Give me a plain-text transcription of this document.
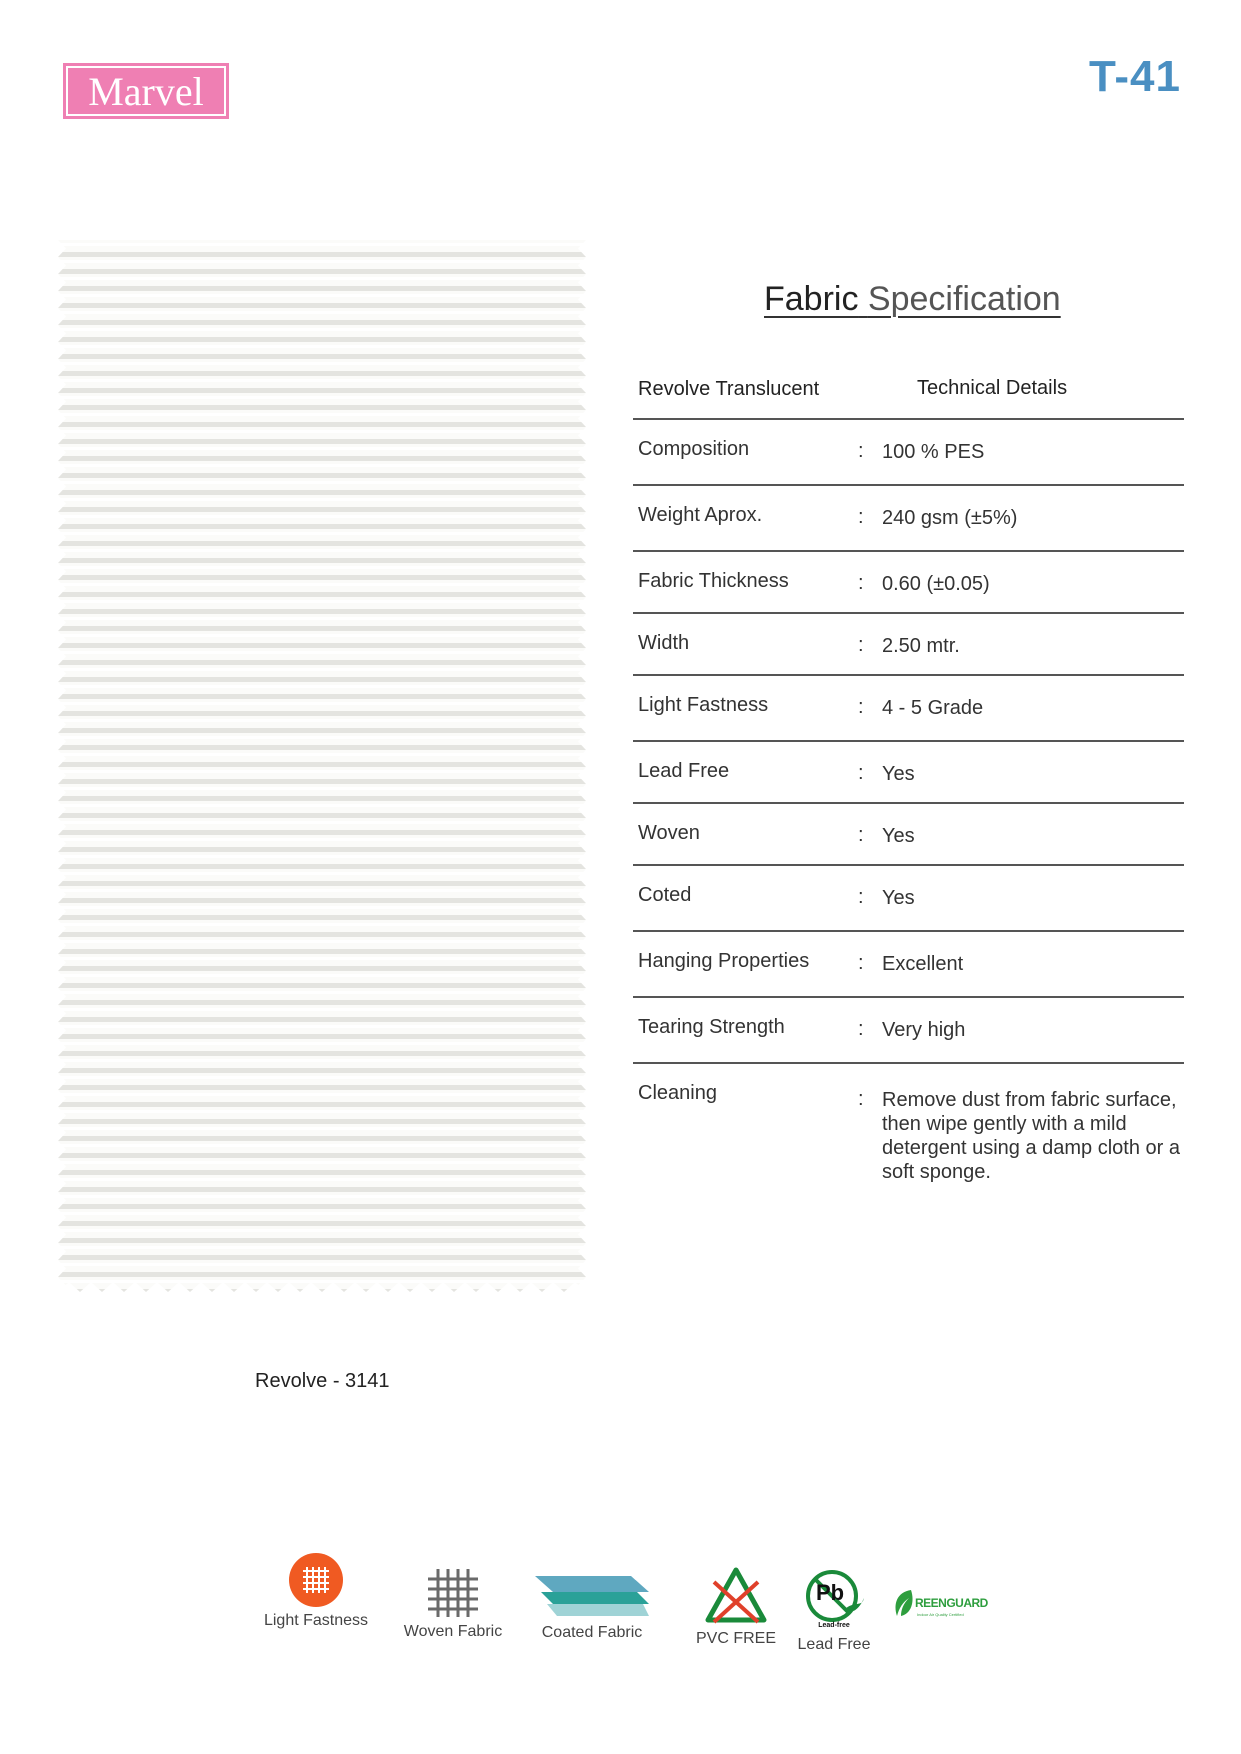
Marvel	T-41
Revolve - 3141
Fabric Specification
Revolve Translucent	Technical Details
Composition	: 100 % PES
Weight Aprox.	: 240 gsm (±5%)
Fabric Thickness	: 0.60 (±0.05)
Width	: 2.50 mtr.
Light Fastness	: 4 - 5 Grade
Lead Free	: Yes
Woven	: Yes
Coted	: Yes
Hanging Properties : Excellent
Tearing Strength	: Very high
Cleaning	: Remove dust from fabric surface, then wipe gently with a mild detergent using a damp cloth or a soft sponge.
Light Fastness
Woven Fabric Coated Fabric	PVC FREE
Pb
Lead-free
Lead Free
REENGUARD
Indoor Air Quality Certified
